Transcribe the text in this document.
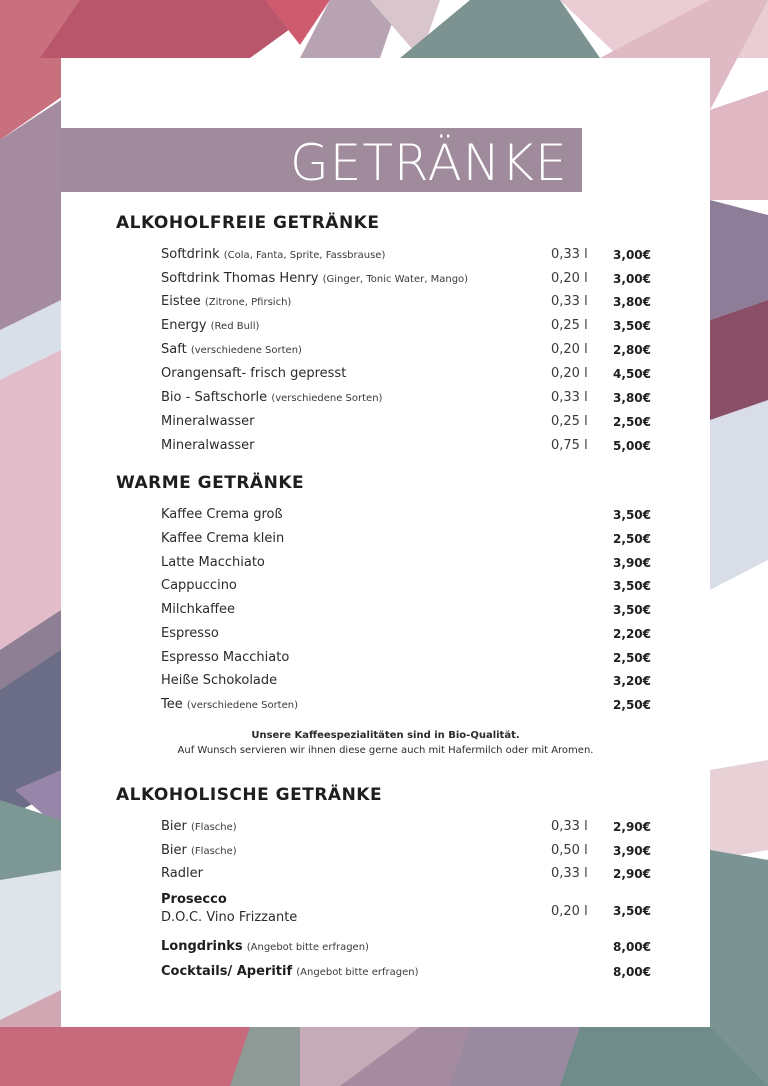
GETRÄNKE
ALKOHOLFREIE GETRÄNKE
Softdrink (Cola, Fanta, Sprite, Fassbrause)	0,33 l 3,00€
Softdrink Thomas Henry (Ginger, Tonic Water, Mango)	0,20 l 3,00€
Eistee (Zitrone, Pfirsich)	0,33 l 3,80€
Energy (Red Bull)	0,25 l 3,50€
Saft (verschiedene Sorten)	0,20 l 2,80€
Orangensaft- frisch gepresst	0,20 l 4,50€
Bio - Saftschorle (verschiedene Sorten)	0,33 l 3,80€
Mineralwasser	0,25 l 2,50€
Mineralwasser	0,75 l 5,00€
WARME GETRÄNKE
Kaffee Crema groß	3,50€
Kaffee Crema klein	2,50€
Latte Macchiato	3,90€
Cappuccino	3,50€
Milchkaffee	3,50€
Espresso	2,20€
Espresso Macchiato	2,50€
Heiße Schokolade	3,20€
Tee (verschiedene Sorten)	2,50€
Unsere Kaffeespezialitäten sind in Bio-Qualität.
Auf Wunsch servieren wir ihnen diese gerne auch mit Hafermilch oder mit Aromen.
ALKOHOLISCHE GETRÄNKE
Bier (Flasche)	0,33 l 2,90€
Bier (Flasche)	0,50 l 3,90€
Radler	0,33 l 2,90€
Prosecco
D.O.C. Vino Frizzante	0,20 l 3,50€
Longdrinks (Angebot bitte erfragen)	8,00€
Cocktails/ Aperitif (Angebot bitte erfragen)	8,00€
